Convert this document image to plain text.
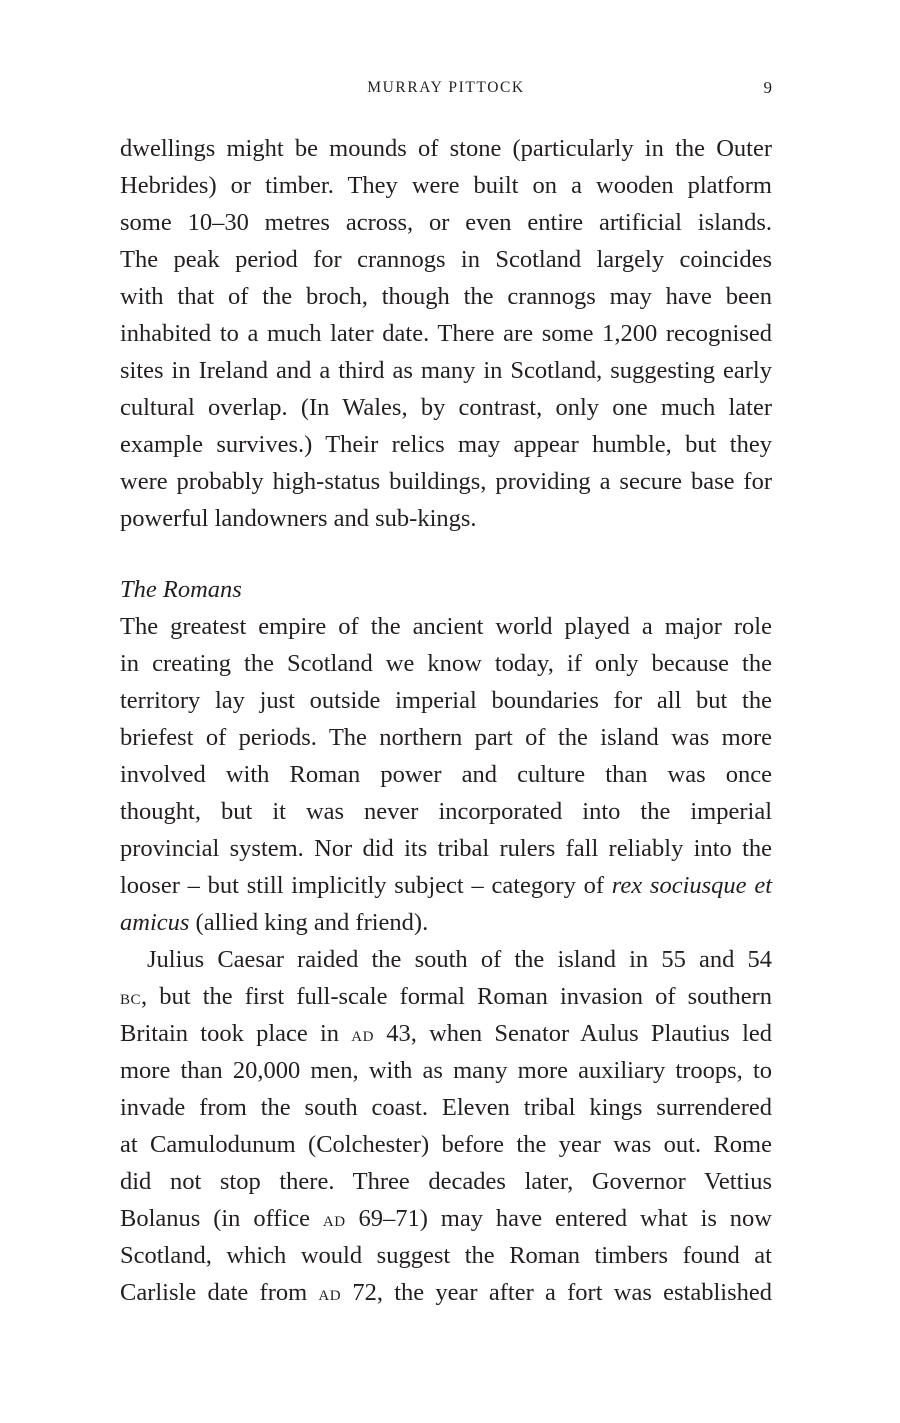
MURRAY PITTOCK	9
dwellings might be mounds of stone (particularly in the Outer
Hebrides) or timber. They were built on a wooden platform
some 10–30 metres across, or even entire artificial islands.
The peak period for crannogs in Scotland largely coincides
with that of the broch, though the crannogs may have been
inhabited to a much later date. There are some 1,200 recognised
sites in Ireland and a third as many in Scotland, suggesting early
cultural overlap. (In Wales, by contrast, only one much later
example survives.) Their relics may appear humble, but they
were probably high-status buildings, providing a secure base for
powerful landowners and sub-kings.
The Romans
The greatest empire of the ancient world played a major role
in creating the Scotland we know today, if only because the
territory lay just outside imperial boundaries for all but the
briefest of periods. The northern part of the island was more
involved with Roman power and culture than was once
thought, but it was never incorporated into the imperial
provincial system. Nor did its tribal rulers fall reliably into the
looser – but still implicitly subject – category of rex sociusque et
amicus (allied king and friend).
Julius Caesar raided the south of the island in 55 and 54
bc, but the first full-scale formal Roman invasion of southern
Britain took place in ad 43, when Senator Aulus Plautius led
more than 20,000 men, with as many more auxiliary troops, to
invade from the south coast. Eleven tribal kings surrendered
at Camulodunum (Colchester) before the year was out. Rome
did not stop there. Three decades later, Governor Vettius
Bolanus (in office ad 69–71) may have entered what is now
Scotland, which would suggest the Roman timbers found at
Carlisle date from ad 72, the year after a fort was established
